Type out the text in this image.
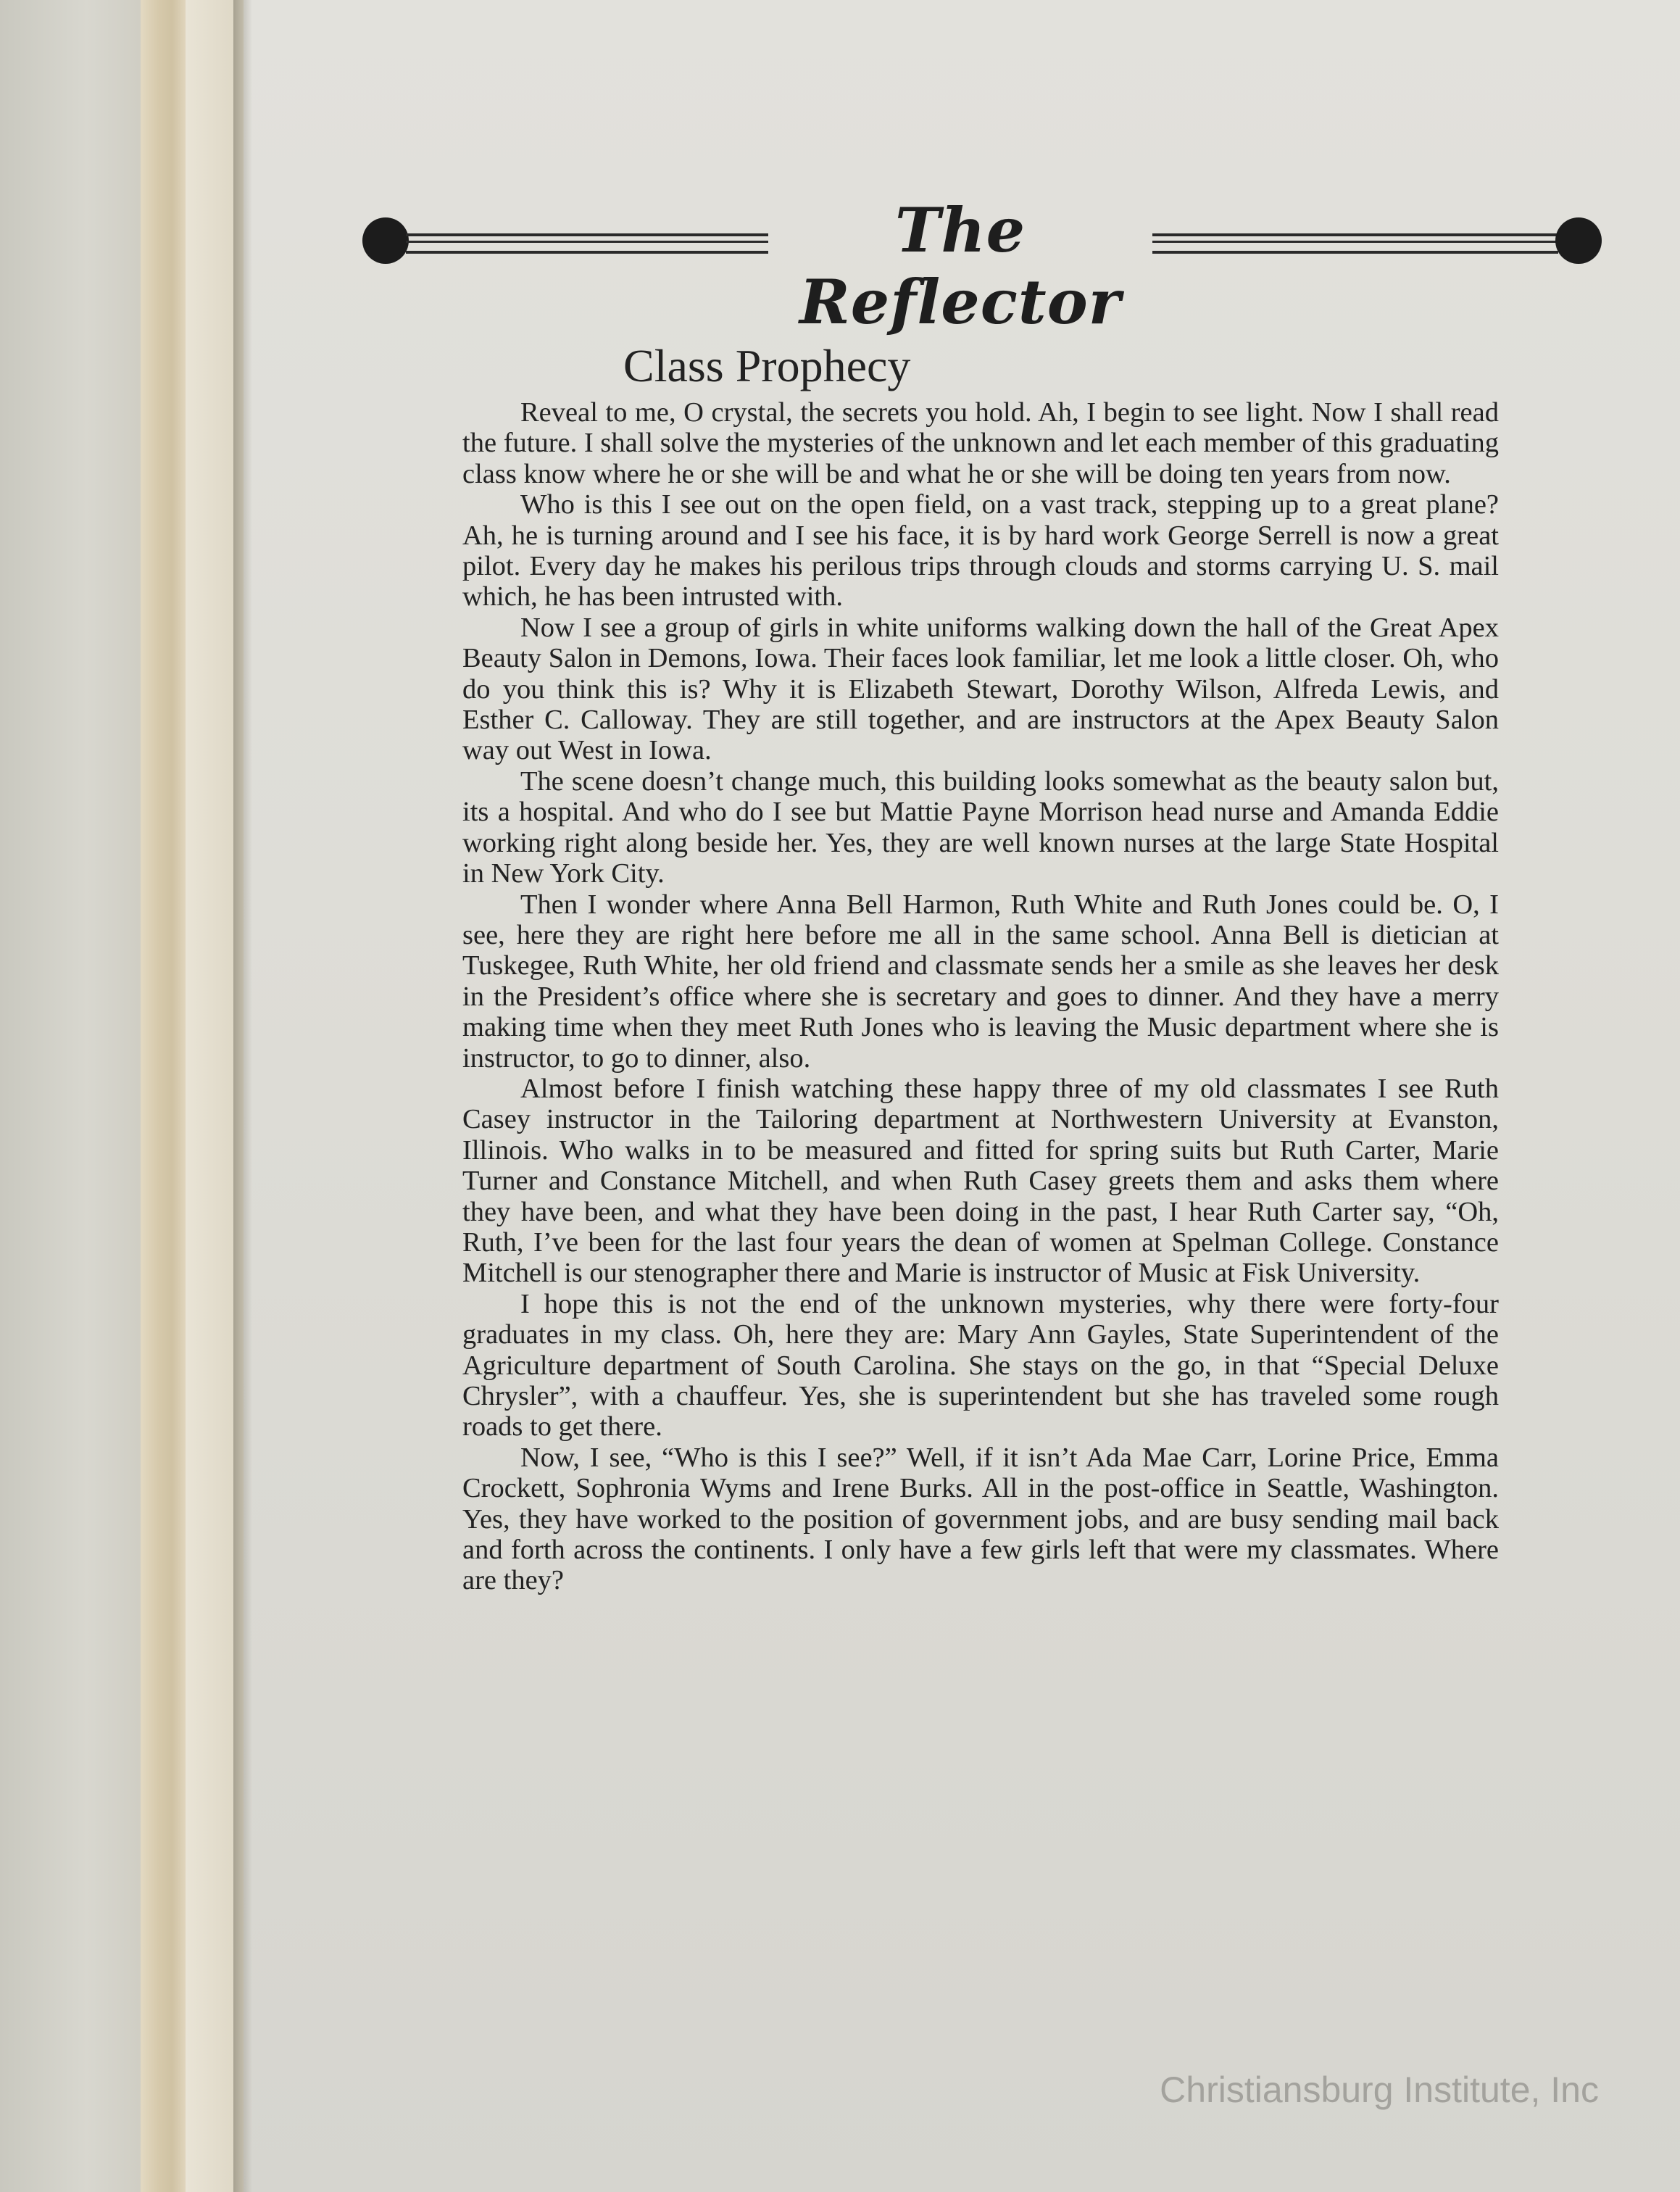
The Reflector
Class Prophecy

Reveal to me, O crystal, the secrets you hold. Ah, I begin to see light. Now I shall read the future. I shall solve the mysteries of the unknown and let each member of this graduating class know where he or she will be and what he or she will be doing ten years from now.

Who is this I see out on the open field, on a vast track, stepping up to a great plane? Ah, he is turning around and I see his face, it is by hard work George Serrell is now a great pilot. Every day he makes his perilous trips through clouds and storms carrying U. S. mail which, he has been intrusted with.

Now I see a group of girls in white uniforms walking down the hall of the Great Apex Beauty Salon in Demons, Iowa. Their faces look familiar, let me look a little closer. Oh, who do you think this is? Why it is Elizabeth Stewart, Dorothy Wilson, Alfreda Lewis, and Esther C. Calloway. They are still together, and are instructors at the Apex Beauty Salon way out West in Iowa.

The scene doesn’t change much, this building looks somewhat as the beauty salon but, its a hospital. And who do I see but Mattie Payne Morrison head nurse and Amanda Eddie working right along beside her. Yes, they are well known nurses at the large State Hospital in New York City.

Then I wonder where Anna Bell Harmon, Ruth White and Ruth Jones could be. O, I see, here they are right here before me all in the same school. Anna Bell is dietician at Tuskegee, Ruth White, her old friend and classmate sends her a smile as she leaves her desk in the President’s office where she is secretary and goes to dinner. And they have a merry making time when they meet Ruth Jones who is leaving the Music department where she is instructor, to go to dinner, also.

Almost before I finish watching these happy three of my old classmates I see Ruth Casey instructor in the Tailoring department at Northwestern University at Evanston, Illinois. Who walks in to be measured and fitted for spring suits but Ruth Carter, Marie Turner and Constance Mitchell, and when Ruth Casey greets them and asks them where they have been, and what they have been doing in the past, I hear Ruth Carter say, “Oh, Ruth, I’ve been for the last four years the dean of women at Spelman College. Constance Mitchell is our stenographer there and Marie is instructor of Music at Fisk University.

I hope this is not the end of the unknown mysteries, why there were forty-four graduates in my class. Oh, here they are: Mary Ann Gayles, State Superintendent of the Agriculture department of South Carolina. She stays on the go, in that “Special Deluxe Chrysler”, with a chauffeur. Yes, she is superintendent but she has traveled some rough roads to get there.

Now, I see, “Who is this I see?” Well, if it isn’t Ada Mae Carr, Lorine Price, Emma Crockett, Sophronia Wyms and Irene Burks. All in the post-office in Seattle, Washington. Yes, they have worked to the position of government jobs, and are busy sending mail back and forth across the continents. I only have a few girls left that were my classmates. Where are they?

Christiansburg Institute, Inc
